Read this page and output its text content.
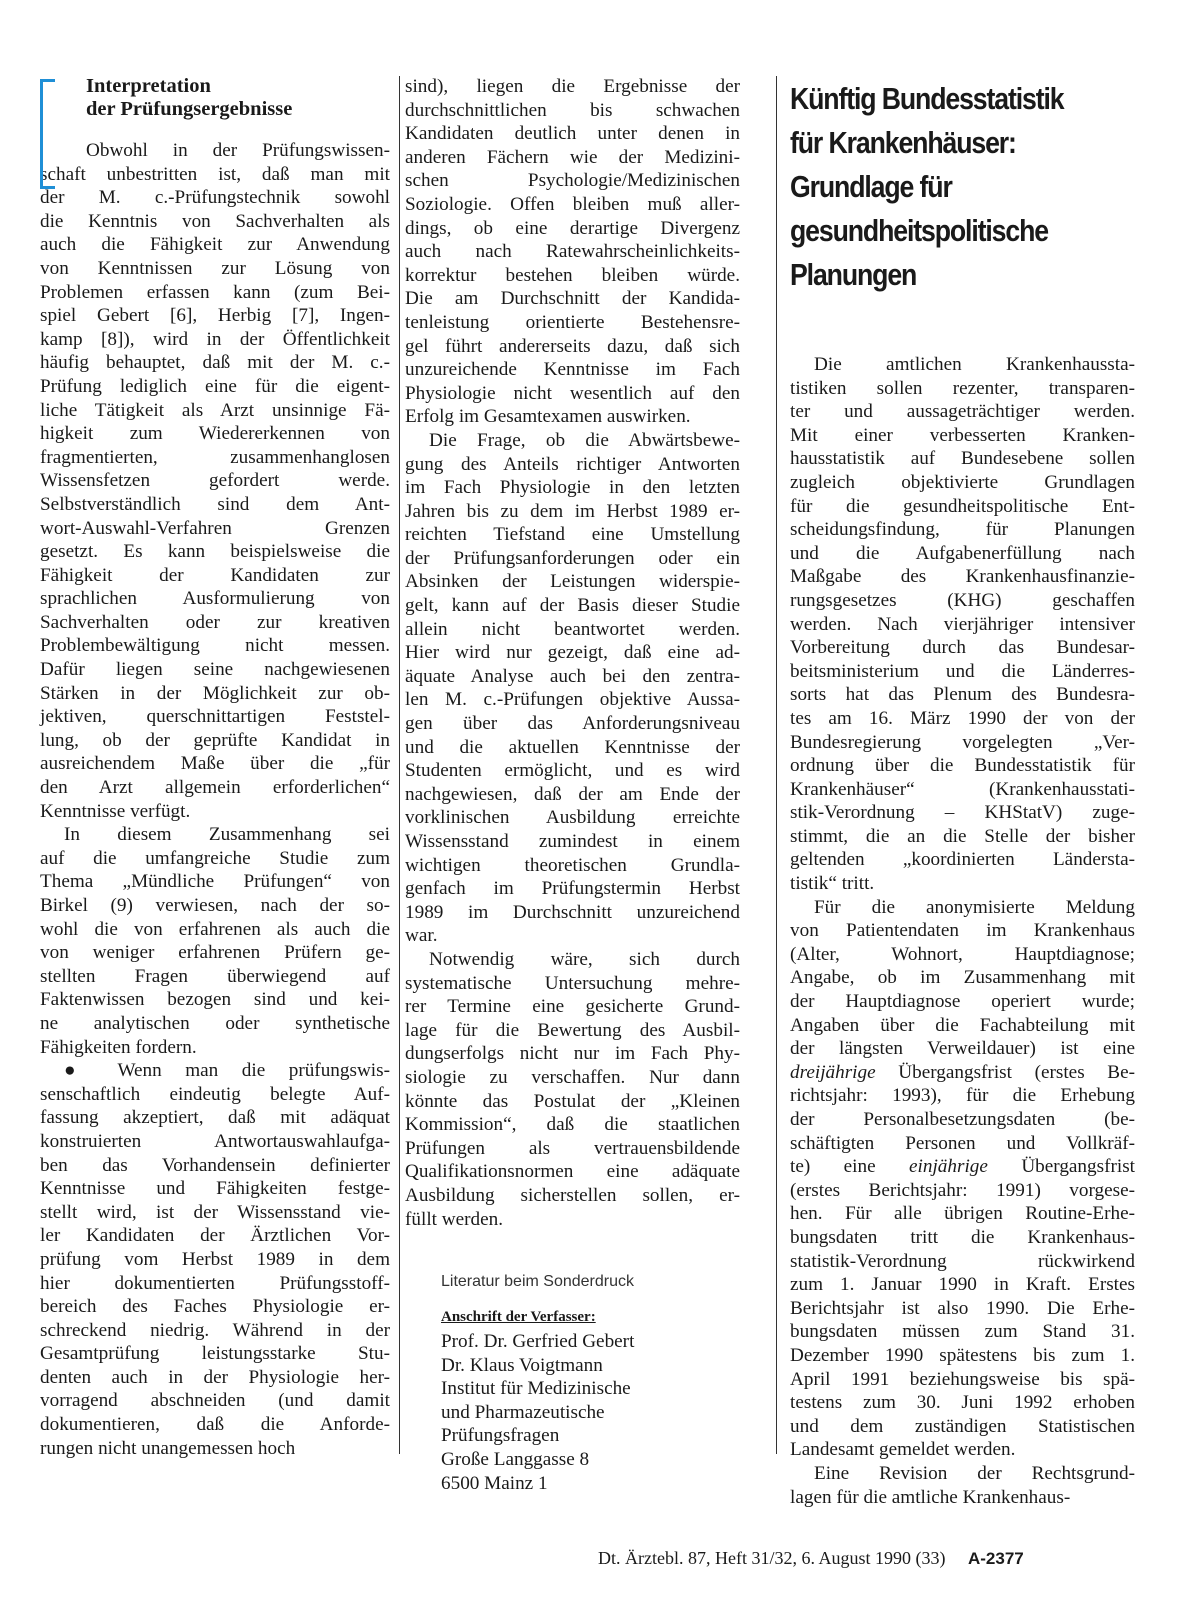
Interpretation
der Prüfungsergebnisse

Obwohl in der Prüfungswissen-
schaft unbestritten ist, daß man mit
der M. c.-Prüfungstechnik sowohl
die Kenntnis von Sachverhalten als
auch die Fähigkeit zur Anwendung
von Kenntnissen zur Lösung von
Problemen erfassen kann (zum Bei-
spiel Gebert [6], Herbig [7], Ingen-
kamp [8]), wird in der Öffentlichkeit
häufig behauptet, daß mit der M. c.-
Prüfung lediglich eine für die eigent-
liche Tätigkeit als Arzt unsinnige Fä-
higkeit zum Wiedererkennen von
fragmentierten, zusammenhanglosen
Wissensfetzen gefordert werde.
Selbstverständlich sind dem Ant-
wort-Auswahl-Verfahren Grenzen
gesetzt. Es kann beispielsweise die
Fähigkeit der Kandidaten zur
sprachlichen Ausformulierung von
Sachverhalten oder zur kreativen
Problembewältigung nicht messen.
Dafür liegen seine nachgewiesenen
Stärken in der Möglichkeit zur ob-
jektiven, querschnittartigen Feststel-
lung, ob der geprüfte Kandidat in
ausreichendem Maße über die „für
den Arzt allgemein erforderlichen“
Kenntnisse verfügt.

In diesem Zusammenhang sei
auf die umfangreiche Studie zum
Thema „Mündliche Prüfungen“ von
Birkel (9) verwiesen, nach der so-
wohl die von erfahrenen als auch die
von weniger erfahrenen Prüfern ge-
stellten Fragen überwiegend auf
Faktenwissen bezogen sind und kei-
ne analytischen oder synthetische
Fähigkeiten fordern.

● Wenn man die prüfungswis-
senschaftlich eindeutig belegte Auf-
fassung akzeptiert, daß mit adäquat
konstruierten Antwortauswahlaufga-
ben das Vorhandensein definierter
Kenntnisse und Fähigkeiten festge-
stellt wird, ist der Wissensstand vie-
ler Kandidaten der Ärztlichen Vor-
prüfung vom Herbst 1989 in dem
hier dokumentierten Prüfungsstoff-
bereich des Faches Physiologie er-
schreckend niedrig. Während in der
Gesamtprüfung leistungsstarke Stu-
denten auch in der Physiologie her-
vorragend abschneiden (und damit
dokumentieren, daß die Anforde-
rungen nicht unangemessen hoch

sind), liegen die Ergebnisse der
durchschnittlichen bis schwachen
Kandidaten deutlich unter denen in
anderen Fächern wie der Medizini-
schen Psychologie/Medizinischen
Soziologie. Offen bleiben muß aller-
dings, ob eine derartige Divergenz
auch nach Ratewahrscheinlichkeits-
korrektur bestehen bleiben würde.
Die am Durchschnitt der Kandida-
tenleistung orientierte Bestehensre-
gel führt andererseits dazu, daß sich
unzureichende Kenntnisse im Fach
Physiologie nicht wesentlich auf den
Erfolg im Gesamtexamen auswirken.

Die Frage, ob die Abwärtsbewe-
gung des Anteils richtiger Antworten
im Fach Physiologie in den letzten
Jahren bis zu dem im Herbst 1989 er-
reichten Tiefstand eine Umstellung
der Prüfungsanforderungen oder ein
Absinken der Leistungen widerspie-
gelt, kann auf der Basis dieser Studie
allein nicht beantwortet werden.
Hier wird nur gezeigt, daß eine ad-
äquate Analyse auch bei den zentra-
len M. c.-Prüfungen objektive Aussa-
gen über das Anforderungsniveau
und die aktuellen Kenntnisse der
Studenten ermöglicht, und es wird
nachgewiesen, daß der am Ende der
vorklinischen Ausbildung erreichte
Wissensstand zumindest in einem
wichtigen theoretischen Grundla-
genfach im Prüfungstermin Herbst
1989 im Durchschnitt unzureichend
war.

Notwendig wäre, sich durch
systematische Untersuchung mehre-
rer Termine eine gesicherte Grund-
lage für die Bewertung des Ausbil-
dungserfolgs nicht nur im Fach Phy-
siologie zu verschaffen. Nur dann
könnte das Postulat der „Kleinen
Kommission“, daß die staatlichen
Prüfungen als vertrauensbildende
Qualifikationsnormen eine adäquate
Ausbildung sicherstellen sollen, er-
füllt werden.

Literatur beim Sonderdruck
Anschrift der Verfasser:
Prof. Dr. Gerfried Gebert
Dr. Klaus Voigtmann
Institut für Medizinische
und Pharmazeutische
Prüfungsfragen
Große Langgasse 8
6500 Mainz 1
Künftig Bundesstatistik
für Krankenhäuser:
Grundlage für
gesundheitspolitische
Planungen

Die amtlichen Krankenhaussta-
tistiken sollen rezenter, transparen-
ter und aussageträchtiger werden.
Mit einer verbesserten Kranken-
hausstatistik auf Bundesebene sollen
zugleich objektivierte Grundlagen
für die gesundheitspolitische Ent-
scheidungsfindung, für Planungen
und die Aufgabenerfüllung nach
Maßgabe des Krankenhausfinanzie-
rungsgesetzes (KHG) geschaffen
werden. Nach vierjähriger intensiver
Vorbereitung durch das Bundesar-
beitsministerium und die Länderres-
sorts hat das Plenum des Bundesra-
tes am 16. März 1990 der von der
Bundesregierung vorgelegten „Ver-
ordnung über die Bundesstatistik für
Krankenhäuser“ (Krankenhausstati-
stik-Verordnung – KHStatV) zuge-
stimmt, die an die Stelle der bisher
geltenden „koordinierten Ländersta-
tistik“ tritt.

Für die anonymisierte Meldung
von Patientendaten im Krankenhaus
(Alter, Wohnort, Hauptdiagnose;
Angabe, ob im Zusammenhang mit
der Hauptdiagnose operiert wurde;
Angaben über die Fachabteilung mit
der längsten Verweildauer) ist eine
dreijährige Übergangsfrist (erstes Be-
richtsjahr: 1993), für die Erhebung
der Personalbesetzungsdaten (be-
schäftigten Personen und Vollkräf-
te) eine einjährige Übergangsfrist
(erstes Berichtsjahr: 1991) vorgese-
hen. Für alle übrigen Routine-Erhe-
bungsdaten tritt die Krankenhaus-
statistik-Verordnung rückwirkend
zum 1. Januar 1990 in Kraft. Erstes
Berichtsjahr ist also 1990. Die Erhe-
bungsdaten müssen zum Stand 31.
Dezember 1990 spätestens bis zum 1.
April 1991 beziehungsweise bis spä-
testens zum 30. Juni 1992 erhoben
und dem zuständigen Statistischen
Landesamt gemeldet werden.

Eine Revision der Rechtsgrund-
lagen für die amtliche Krankenhaus-

Dt. Ärztebl. 87, Heft 31/32, 6. August 1990 (33) A-2377
